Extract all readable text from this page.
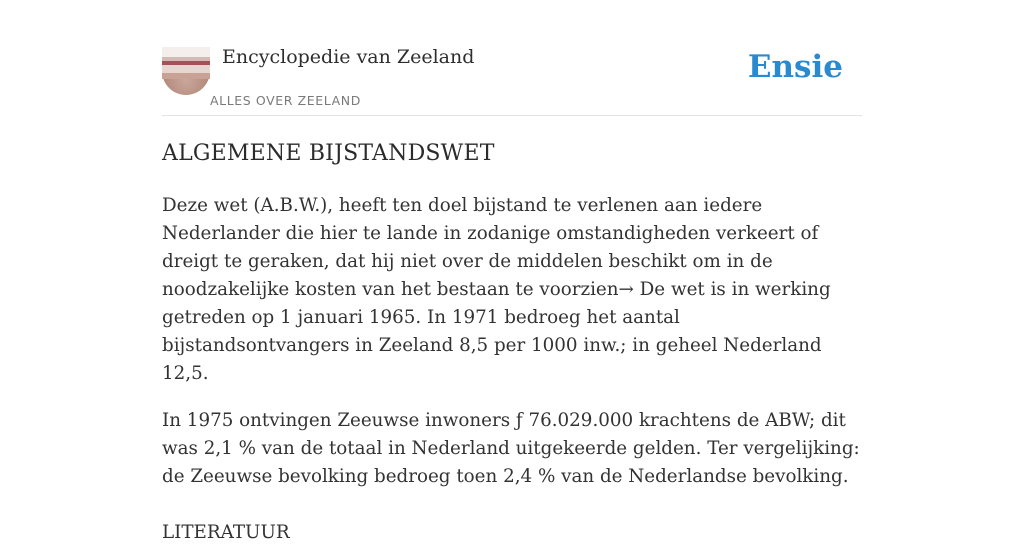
Encyclopedie van Zeeland
ALLES OVER ZEELAND
Ensie
ALGEMENE BIJSTANDSWET

Deze wet (A.B.W.), heeft ten doel bijstand te verlenen aan iedere Nederlander die hier te lande in zodanige omstandigheden verkeert of dreigt te geraken, dat hij niet over de middelen beschikt om in de noodzakelijke kosten van het bestaan te voorzien→ De wet is in werking getreden op 1 januari 1965. In 1971 bedroeg het aantal bijstandsontvangers in Zeeland 8,5 per 1000 inw.; in geheel Nederland 12,5.

In 1975 ontvingen Zeeuwse inwoners ƒ 76.029.000 krachtens de ABW; dit was 2,1 % van de totaal in Nederland uitgekeerde gelden. Ter vergelijking: de Zeeuwse bevolking bedroeg toen 2,4 % van de Nederlandse bevolking.

LITERATUUR
